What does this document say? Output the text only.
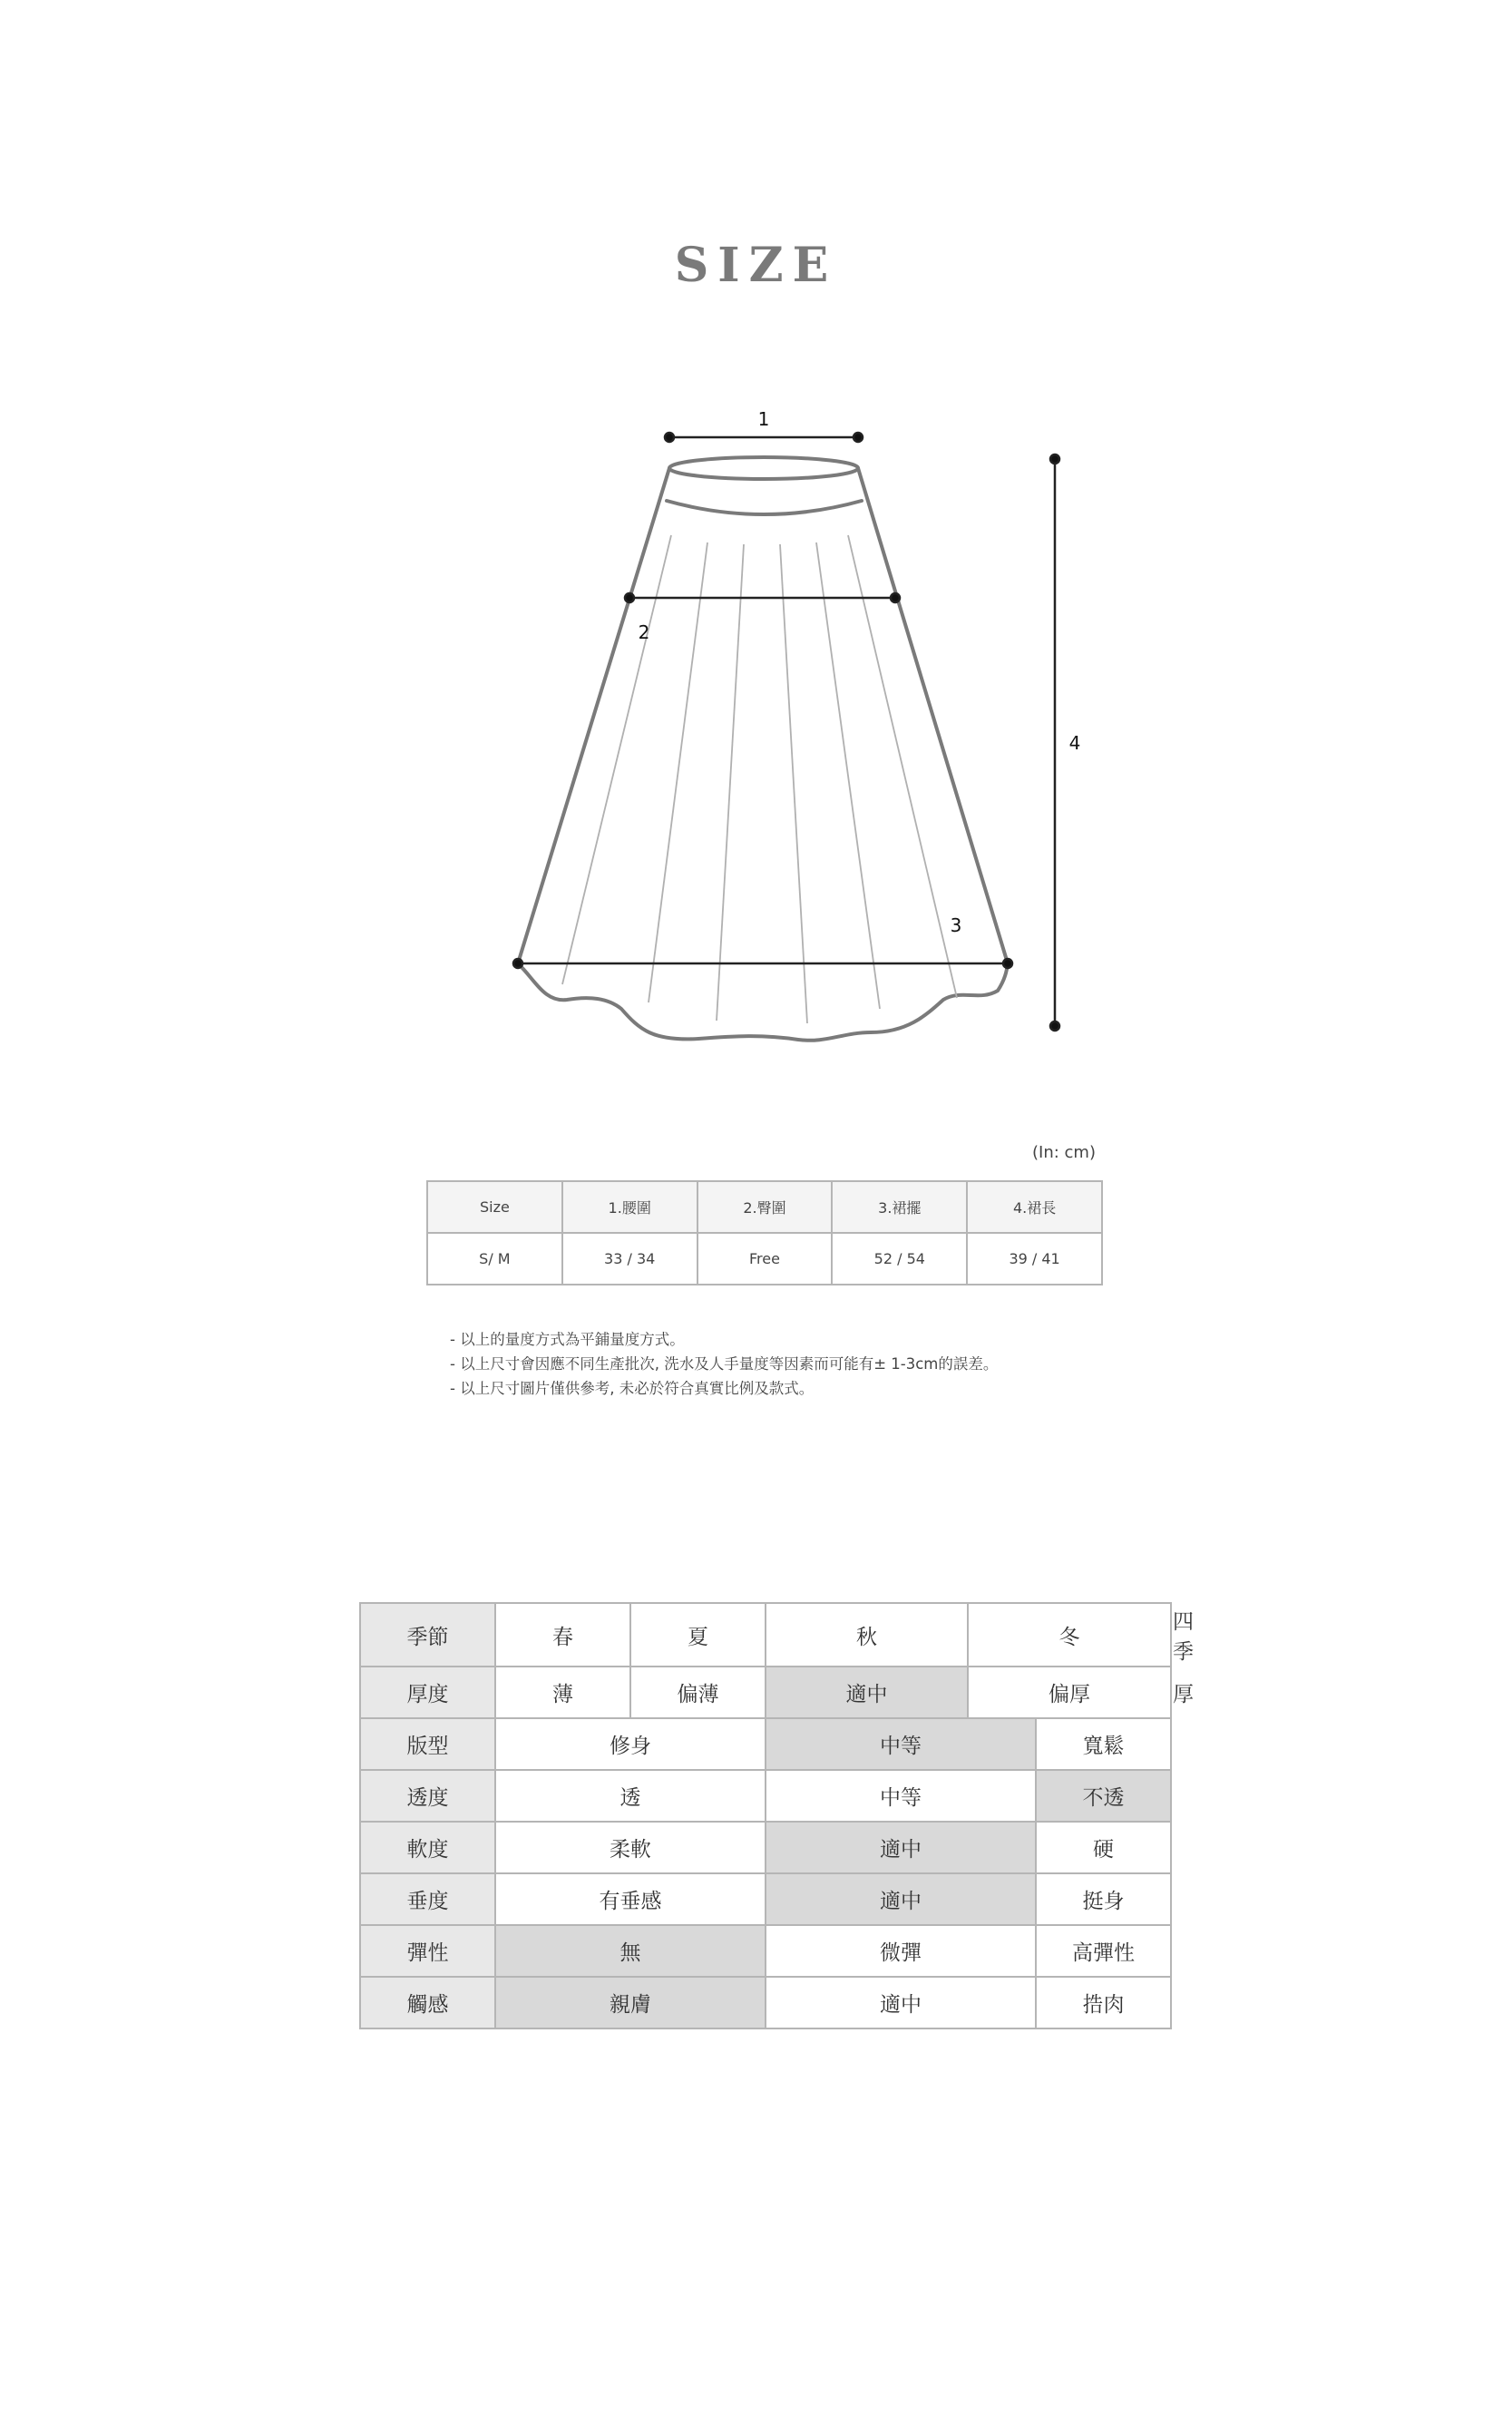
SIZE
1
2
3
4
(In: cm)
Size	1.腰圍	2.臀圍	3.裙擺	4.裙長
S/ M	33 / 34	Free	52 / 54	39 / 41
- 以上的量度方式為平鋪量度方式。
- 以上尺寸會因應不同生產批次, 洗水及人手量度等因素而可能有± 1-3cm的誤差。
- 以上尺寸圖片僅供參考, 未必於符合真實比例及款式。
季節	春	夏	秋	冬		四季
厚度	薄	偏薄	適中	偏厚		厚
版型	修身		中等		寬鬆	
透度	透		中等		不透	
軟度	柔軟		適中		硬	
垂度	有垂感		適中		挺身	
彈性	無		微彈		高彈性	
觸感	親膚		適中		捁肉	
